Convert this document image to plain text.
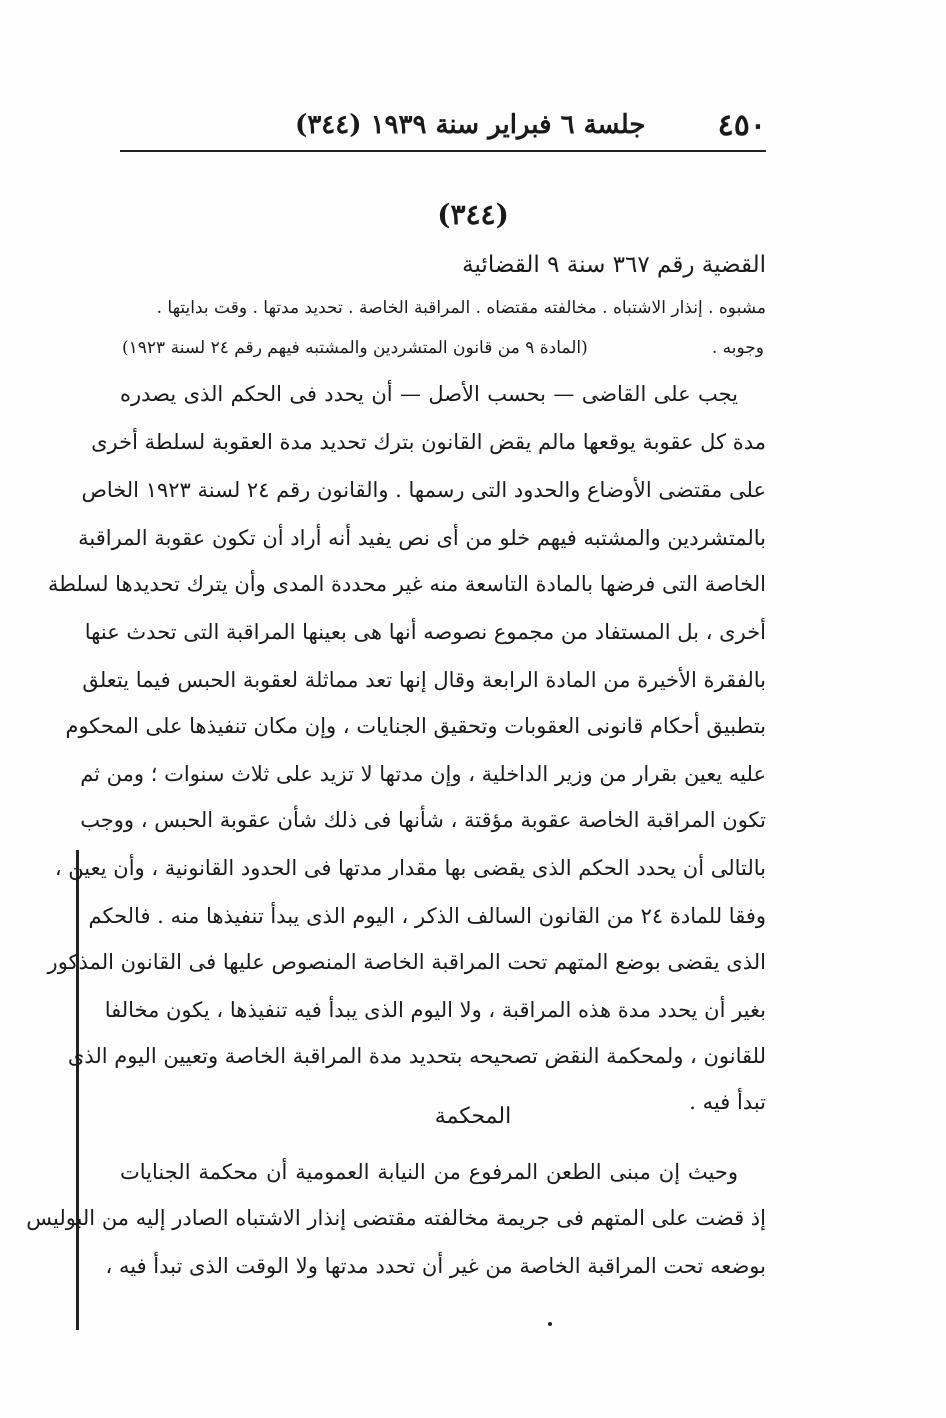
٤٥٠
جلسة ٦ فبراير سنة ١٩٣٩ (٣٤٤)
(٣٤٤)
القضية رقم ٣٦٧ سنة ٩ القضائية
مشبوه . إنذار الاشتباه . مخالفته مقتضاه . المراقبة الخاصة . تحديد مدتها . وقت بدايتها .
وجوبه .
(المادة ٩ من قانون المتشردين والمشتبه فيهم رقم ٢٤ لسنة ١٩٢٣)
يجب على القاضى — بحسب الأصل — أن يحدد فى الحكم الذى يصدره
مدة كل عقوبة يوقعها مالم يقض القانون بترك تحديد مدة العقوبة لسلطة أخرى
على مقتضى الأوضاع والحدود التى رسمها . والقانون رقم ٢٤ لسنة ١٩٢٣ الخاص
بالمتشردين والمشتبه فيهم خلو من أى نص يفيد أنه أراد أن تكون عقوبة المراقبة
الخاصة التى فرضها بالمادة التاسعة منه غير محددة المدى وأن يترك تحديدها لسلطة
أخرى ، بل المستفاد من مجموع نصوصه أنها هى بعينها المراقبة التى تحدث عنها
بالفقرة الأخيرة من المادة الرابعة وقال إنها تعد مماثلة لعقوبة الحبس فيما يتعلق
بتطبيق أحكام قانونى العقوبات وتحقيق الجنايات ، وإن مكان تنفيذها على المحكوم
عليه يعين بقرار من وزير الداخلية ، وإن مدتها لا تزيد على ثلاث سنوات ؛ ومن ثم
تكون المراقبة الخاصة عقوبة مؤقتة ، شأنها فى ذلك شأن عقوبة الحبس ، ووجب
بالتالى أن يحدد الحكم الذى يقضى بها مقدار مدتها فى الحدود القانونية ، وأن يعين ،
وفقا للمادة ٢٤ من القانون السالف الذكر ، اليوم الذى يبدأ تنفيذها منه . فالحكم
الذى يقضى بوضع المتهم تحت المراقبة الخاصة المنصوص عليها فى القانون المذكور
بغير أن يحدد مدة هذه المراقبة ، ولا اليوم الذى يبدأ فيه تنفيذها ، يكون مخالفا
للقانون ، ولمحكمة النقض تصحيحه بتحديد مدة المراقبة الخاصة وتعيين اليوم الذى
تبدأ فيه .
المحكمة
وحيث إن مبنى الطعن المرفوع من النيابة العمومية أن محكمة الجنايات
إذ قضت على المتهم فى جريمة مخالفته مقتضى إنذار الاشتباه الصادر إليه من البوليس
بوضعه تحت المراقبة الخاصة من غير أن تحدد مدتها ولا الوقت الذى تبدأ فيه ،
